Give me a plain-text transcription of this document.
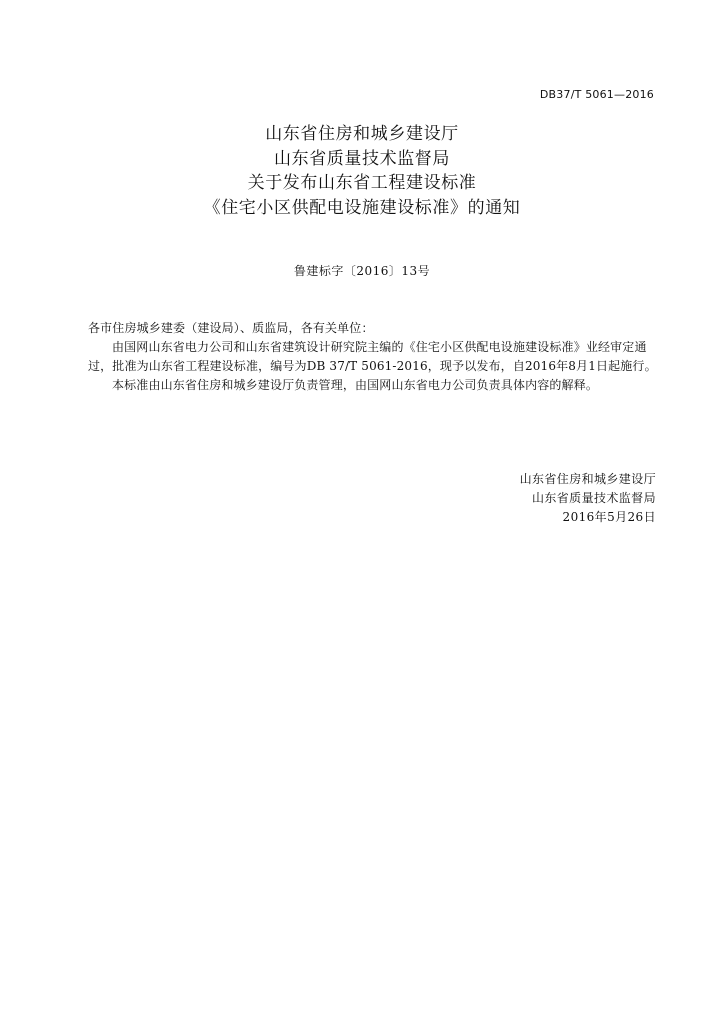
DB37/T 5061—2016
山东省住房和城乡建设厅
山东省质量技术监督局
关于发布山东省工程建设标准
《住宅小区供配电设施建设标准》的通知
鲁建标字〔2016〕13号

各市住房城乡建委（建设局）、质监局，各有关单位：

由国网山东省电力公司和山东省建筑设计研究院主编的《住宅小区供配电设施建设标准》业经审定通过，批准为山东省工程建设标准，编号为DB 37/T 5061-2016，现予以发布，自2016年8月1日起施行。

本标准由山东省住房和城乡建设厅负责管理，由国网山东省电力公司负责具体内容的解释。

山东省住房和城乡建设厅
山东省质量技术监督局
2016年5月26日
